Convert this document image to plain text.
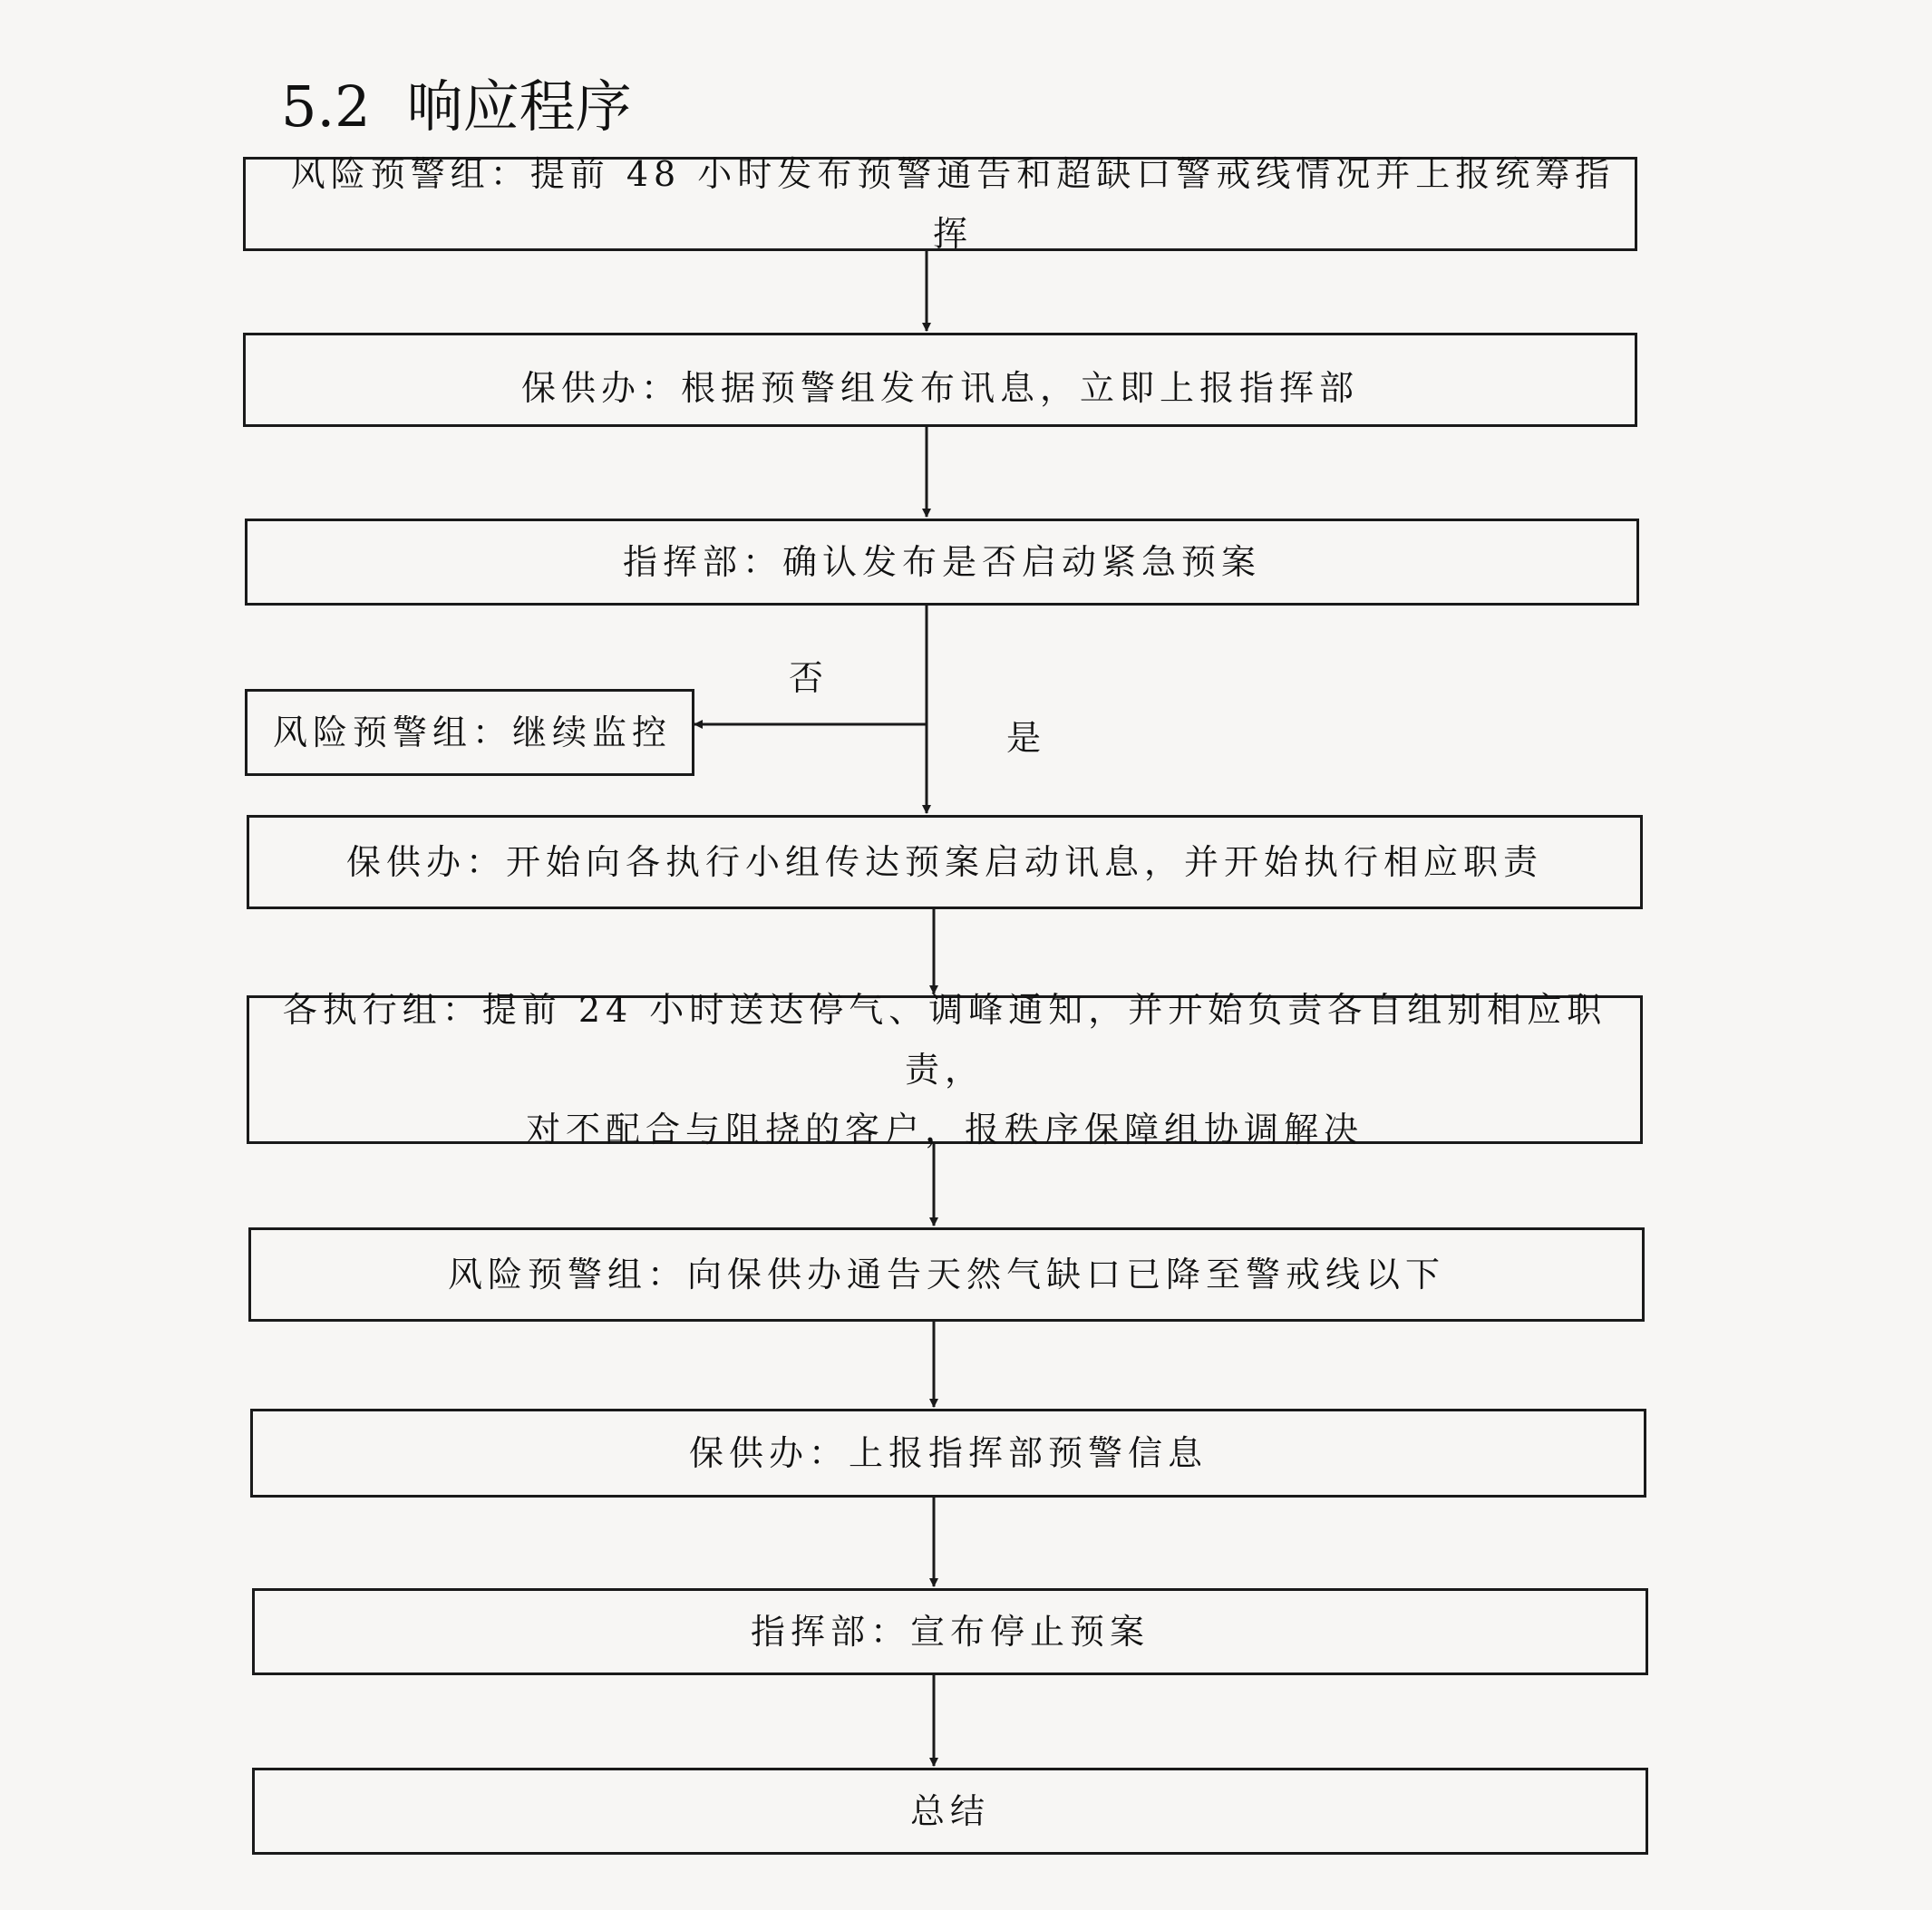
5.2 响应程序
风险预警组：提前 48 小时发布预警通告和超缺口警戒线情况并上报统筹指挥
保供办：根据预警组发布讯息，立即上报指挥部
指挥部：确认发布是否启动紧急预案
否
是
风险预警组：继续监控
保供办：开始向各执行小组传达预案启动讯息，并开始执行相应职责
各执行组：提前 24 小时送达停气、调峰通知，并开始负责各自组别相应职责，
对不配合与阻挠的客户，报秩序保障组协调解决
风险预警组：向保供办通告天然气缺口已降至警戒线以下
保供办：上报指挥部预警信息
指挥部：宣布停止预案
总结
